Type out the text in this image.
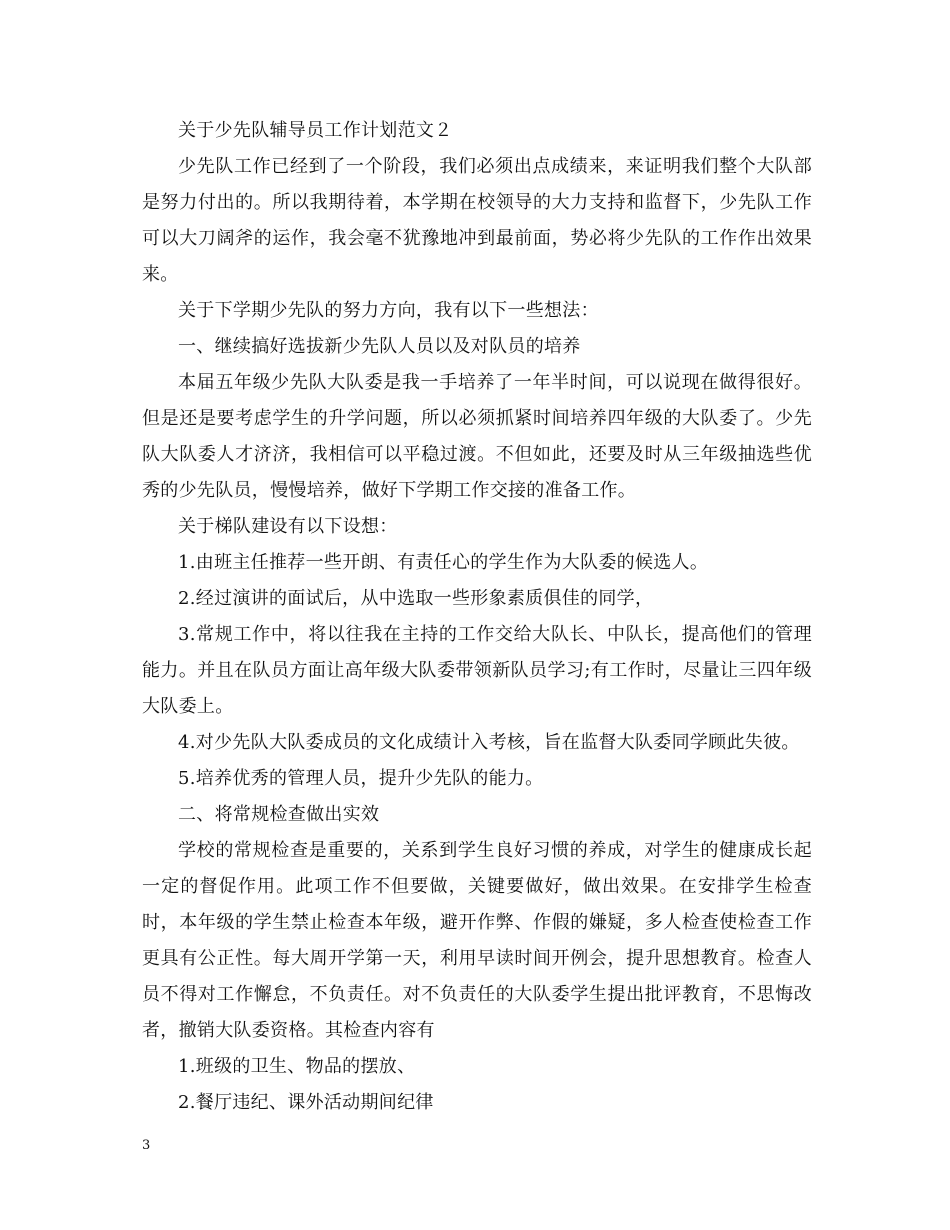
关于少先队辅导员工作计划范文２

少先队工作已经到了一个阶段，我们必须出点成绩来，来证明我们整个大队部是努力付出的。所以我期待着，本学期在校领导的大力支持和监督下，少先队工作可以大刀阔斧的运作，我会毫不犹豫地冲到最前面，势必将少先队的工作作出效果来。

关于下学期少先队的努力方向，我有以下一些想法：

一、继续搞好选拔新少先队人员以及对队员的培养

本届五年级少先队大队委是我一手培养了一年半时间，可以说现在做得很好。但是还是要考虑学生的升学问题，所以必须抓紧时间培养四年级的大队委了。少先队大队委人才济济，我相信可以平稳过渡。不但如此，还要及时从三年级抽选些优秀的少先队员，慢慢培养，做好下学期工作交接的准备工作。

关于梯队建设有以下设想：

1.由班主任推荐一些开朗、有责任心的学生作为大队委的候选人。

2.经过演讲的面试后，从中选取一些形象素质俱佳的同学，

3.常规工作中，将以往我在主持的工作交给大队长、中队长，提高他们的管理能力。并且在队员方面让高年级大队委带领新队员学习;有工作时，尽量让三四年级大队委上。

4.对少先队大队委成员的文化成绩计入考核，旨在监督大队委同学顾此失彼。

5.培养优秀的管理人员，提升少先队的能力。

二、将常规检查做出实效

学校的常规检查是重要的，关系到学生良好习惯的养成，对学生的健康成长起一定的督促作用。此项工作不但要做，关键要做好，做出效果。在安排学生检查时，本年级的学生禁止检查本年级，避开作弊、作假的嫌疑，多人检查使检查工作更具有公正性。每大周开学第一天，利用早读时间开例会，提升思想教育。检查人员不得对工作懈怠，不负责任。对不负责任的大队委学生提出批评教育，不思悔改者，撤销大队委资格。其检查内容有

1.班级的卫生、物品的摆放、

2.餐厅违纪、课外活动期间纪律

3
